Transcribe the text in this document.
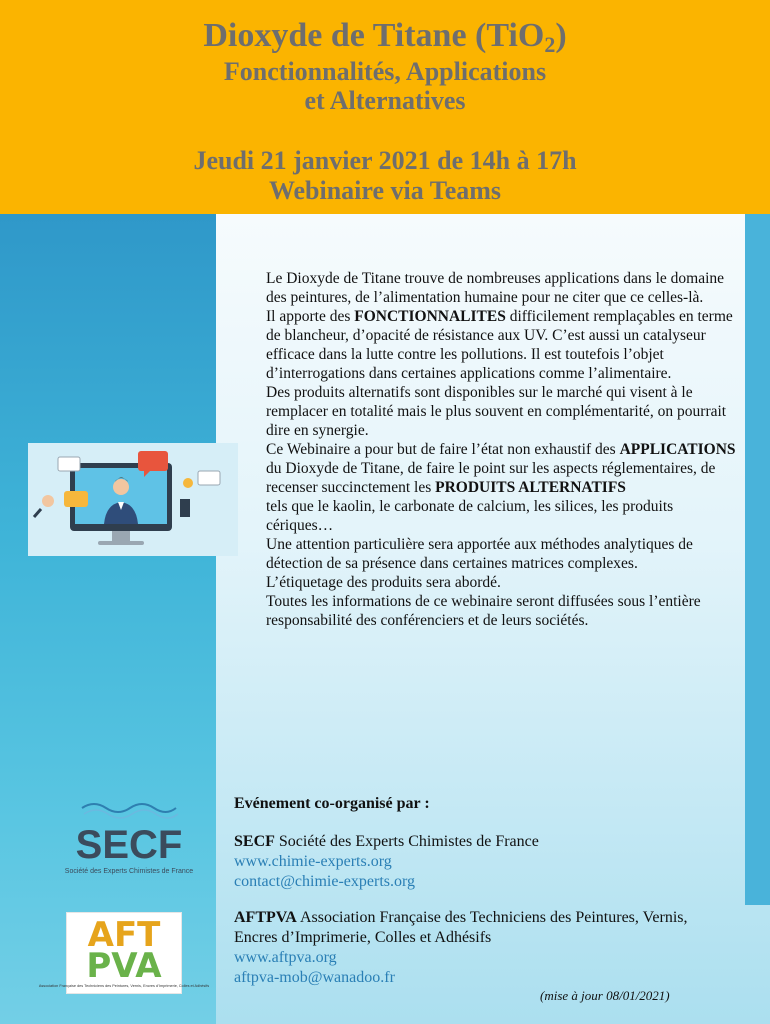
Dioxyde de Titane (TiO$_2$)
Fonctionnalités, Applications
et Alternatives
Jeudi 21 janvier 2021 de 14h à 17h
Webinaire via Teams

Le Dioxyde de Titane trouve de nombreuses applications dans le domaine des peintures, de l’alimentation humaine pour ne citer que ce celles-là.

Il apporte des FONCTIONNALITES difficilement remplaçables en terme de blancheur, d’opacité de résistance aux UV. C’est aussi un catalyseur efficace dans la lutte contre les pollutions. Il est toutefois l’objet d’interrogations dans certaines applications comme l’alimentaire.

Des produits alternatifs sont disponibles sur le marché qui visent à le remplacer en totalité mais le plus souvent en complémentarité, on pourrait dire en synergie.

Ce Webinaire a pour but de faire l’état non exhaustif des APPLICATIONS du Dioxyde de Titane, de faire le point sur les aspects réglementaires, de recenser succinctement les PRODUITS ALTERNATIFS
tels que le kaolin, le carbonate de calcium, les silices, les produits cériques…

Une attention particulière sera apportée aux méthodes analytiques de détection de sa présence dans certaines matrices complexes.

L’étiquetage des produits sera abordé.

Toutes les informations de ce webinaire seront diffusées sous l’entière responsabilité des conférenciers et de leurs sociétés.

Evénement co-organisé par :
SECF
Société des Experts Chimistes de France
SECF Société des Experts Chimistes de France
www.chimie-experts.org
contact@chimie-experts.org
AFT
PVA
Association Française des Techniciens des Peintures, Vernis, Encres d’Imprimerie, Colles et Adhésifs
AFTPVA Association Française des Techniciens des Peintures, Vernis, Encres d’Imprimerie, Colles et Adhésifs
www.aftpva.org
aftpva-mob@wanadoo.fr
(mise à jour 08/01/2021)
